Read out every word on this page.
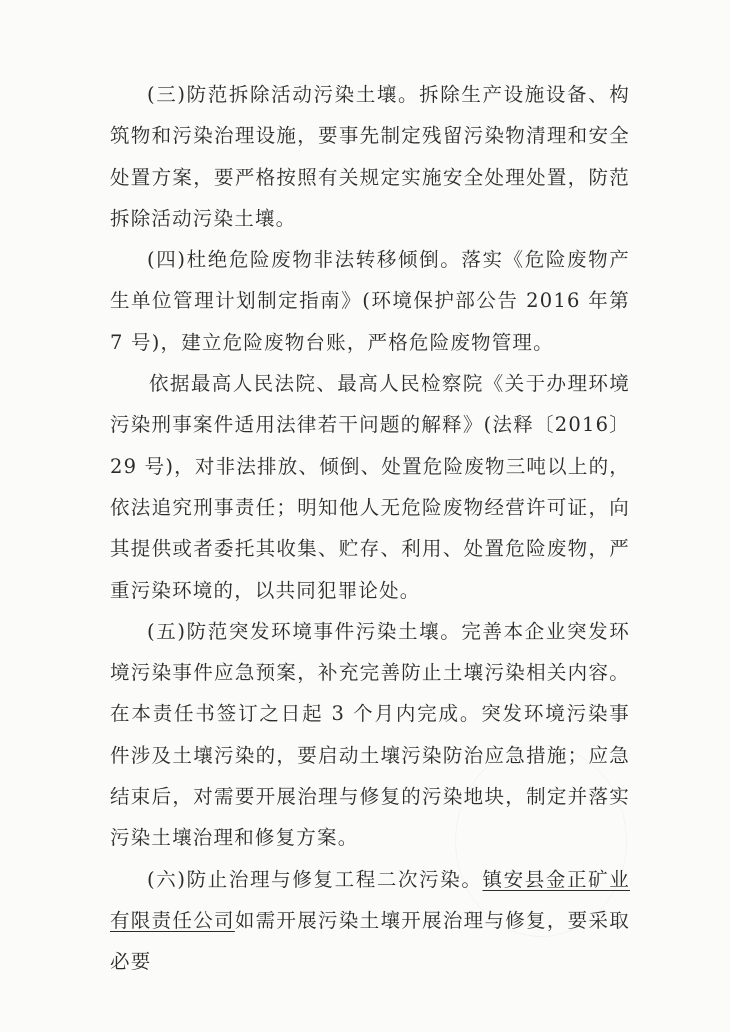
(三)防范拆除活动污染土壤。拆除生产设施设备、构筑物和污染治理设施，要事先制定残留污染物清理和安全处置方案，要严格按照有关规定实施安全处理处置，防范拆除活动污染土壤。

(四)杜绝危险废物非法转移倾倒。落实《危险废物产生单位管理计划制定指南》(环境保护部公告 2016 年第 7 号)，建立危险废物台账，严格危险废物管理。

依据最高人民法院、最高人民检察院《关于办理环境污染刑事案件适用法律若干问题的解释》(法释〔2016〕29 号)，对非法排放、倾倒、处置危险废物三吨以上的，依法追究刑事责任；明知他人无危险废物经营许可证，向其提供或者委托其收集、贮存、利用、处置危险废物，严重污染环境的，以共同犯罪论处。

(五)防范突发环境事件污染土壤。完善本企业突发环境污染事件应急预案，补充完善防止土壤污染相关内容。在本责任书签订之日起 3 个月内完成。突发环境污染事件涉及土壤污染的，要启动土壤污染防治应急措施；应急结束后，对需要开展治理与修复的污染地块，制定并落实污染土壤治理和修复方案。

(六)防止治理与修复工程二次污染。镇安县金正矿业有限责任公司如需开展污染土壤开展治理与修复，要采取必要
